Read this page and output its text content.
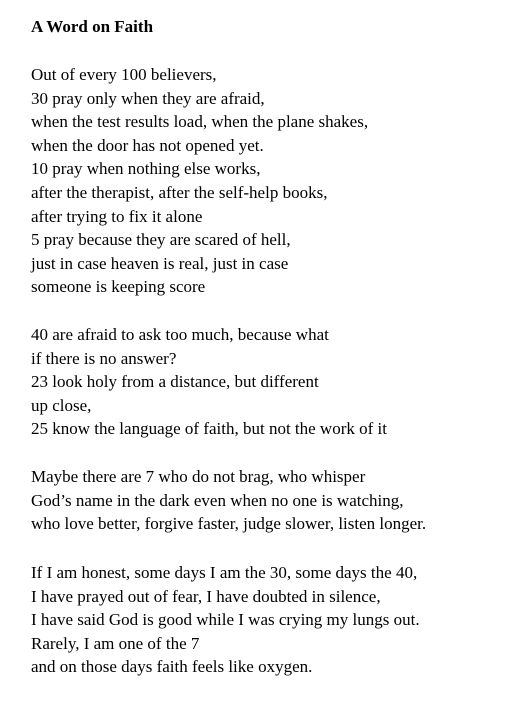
A Word on Faith
Out of every 100 believers,
30 pray only when they are afraid,
when the test results load, when the plane shakes,
when the door has not opened yet.
10 pray when nothing else works,
after the therapist, after the self-help books,
after trying to fix it alone
5 pray because they are scared of hell,
just in case heaven is real, just in case
someone is keeping score
40 are afraid to ask too much, because what
if there is no answer?
23 look holy from a distance, but different
up close,
25 know the language of faith, but not the work of it
Maybe there are 7 who do not brag, who whisper
God’s name in the dark even when no one is watching,
who love better, forgive faster, judge slower, listen longer.
If I am honest, some days I am the 30, some days the 40,
I have prayed out of fear, I have doubted in silence,
I have said God is good while I was crying my lungs out.
Rarely, I am one of the 7
and on those days faith feels like oxygen.
